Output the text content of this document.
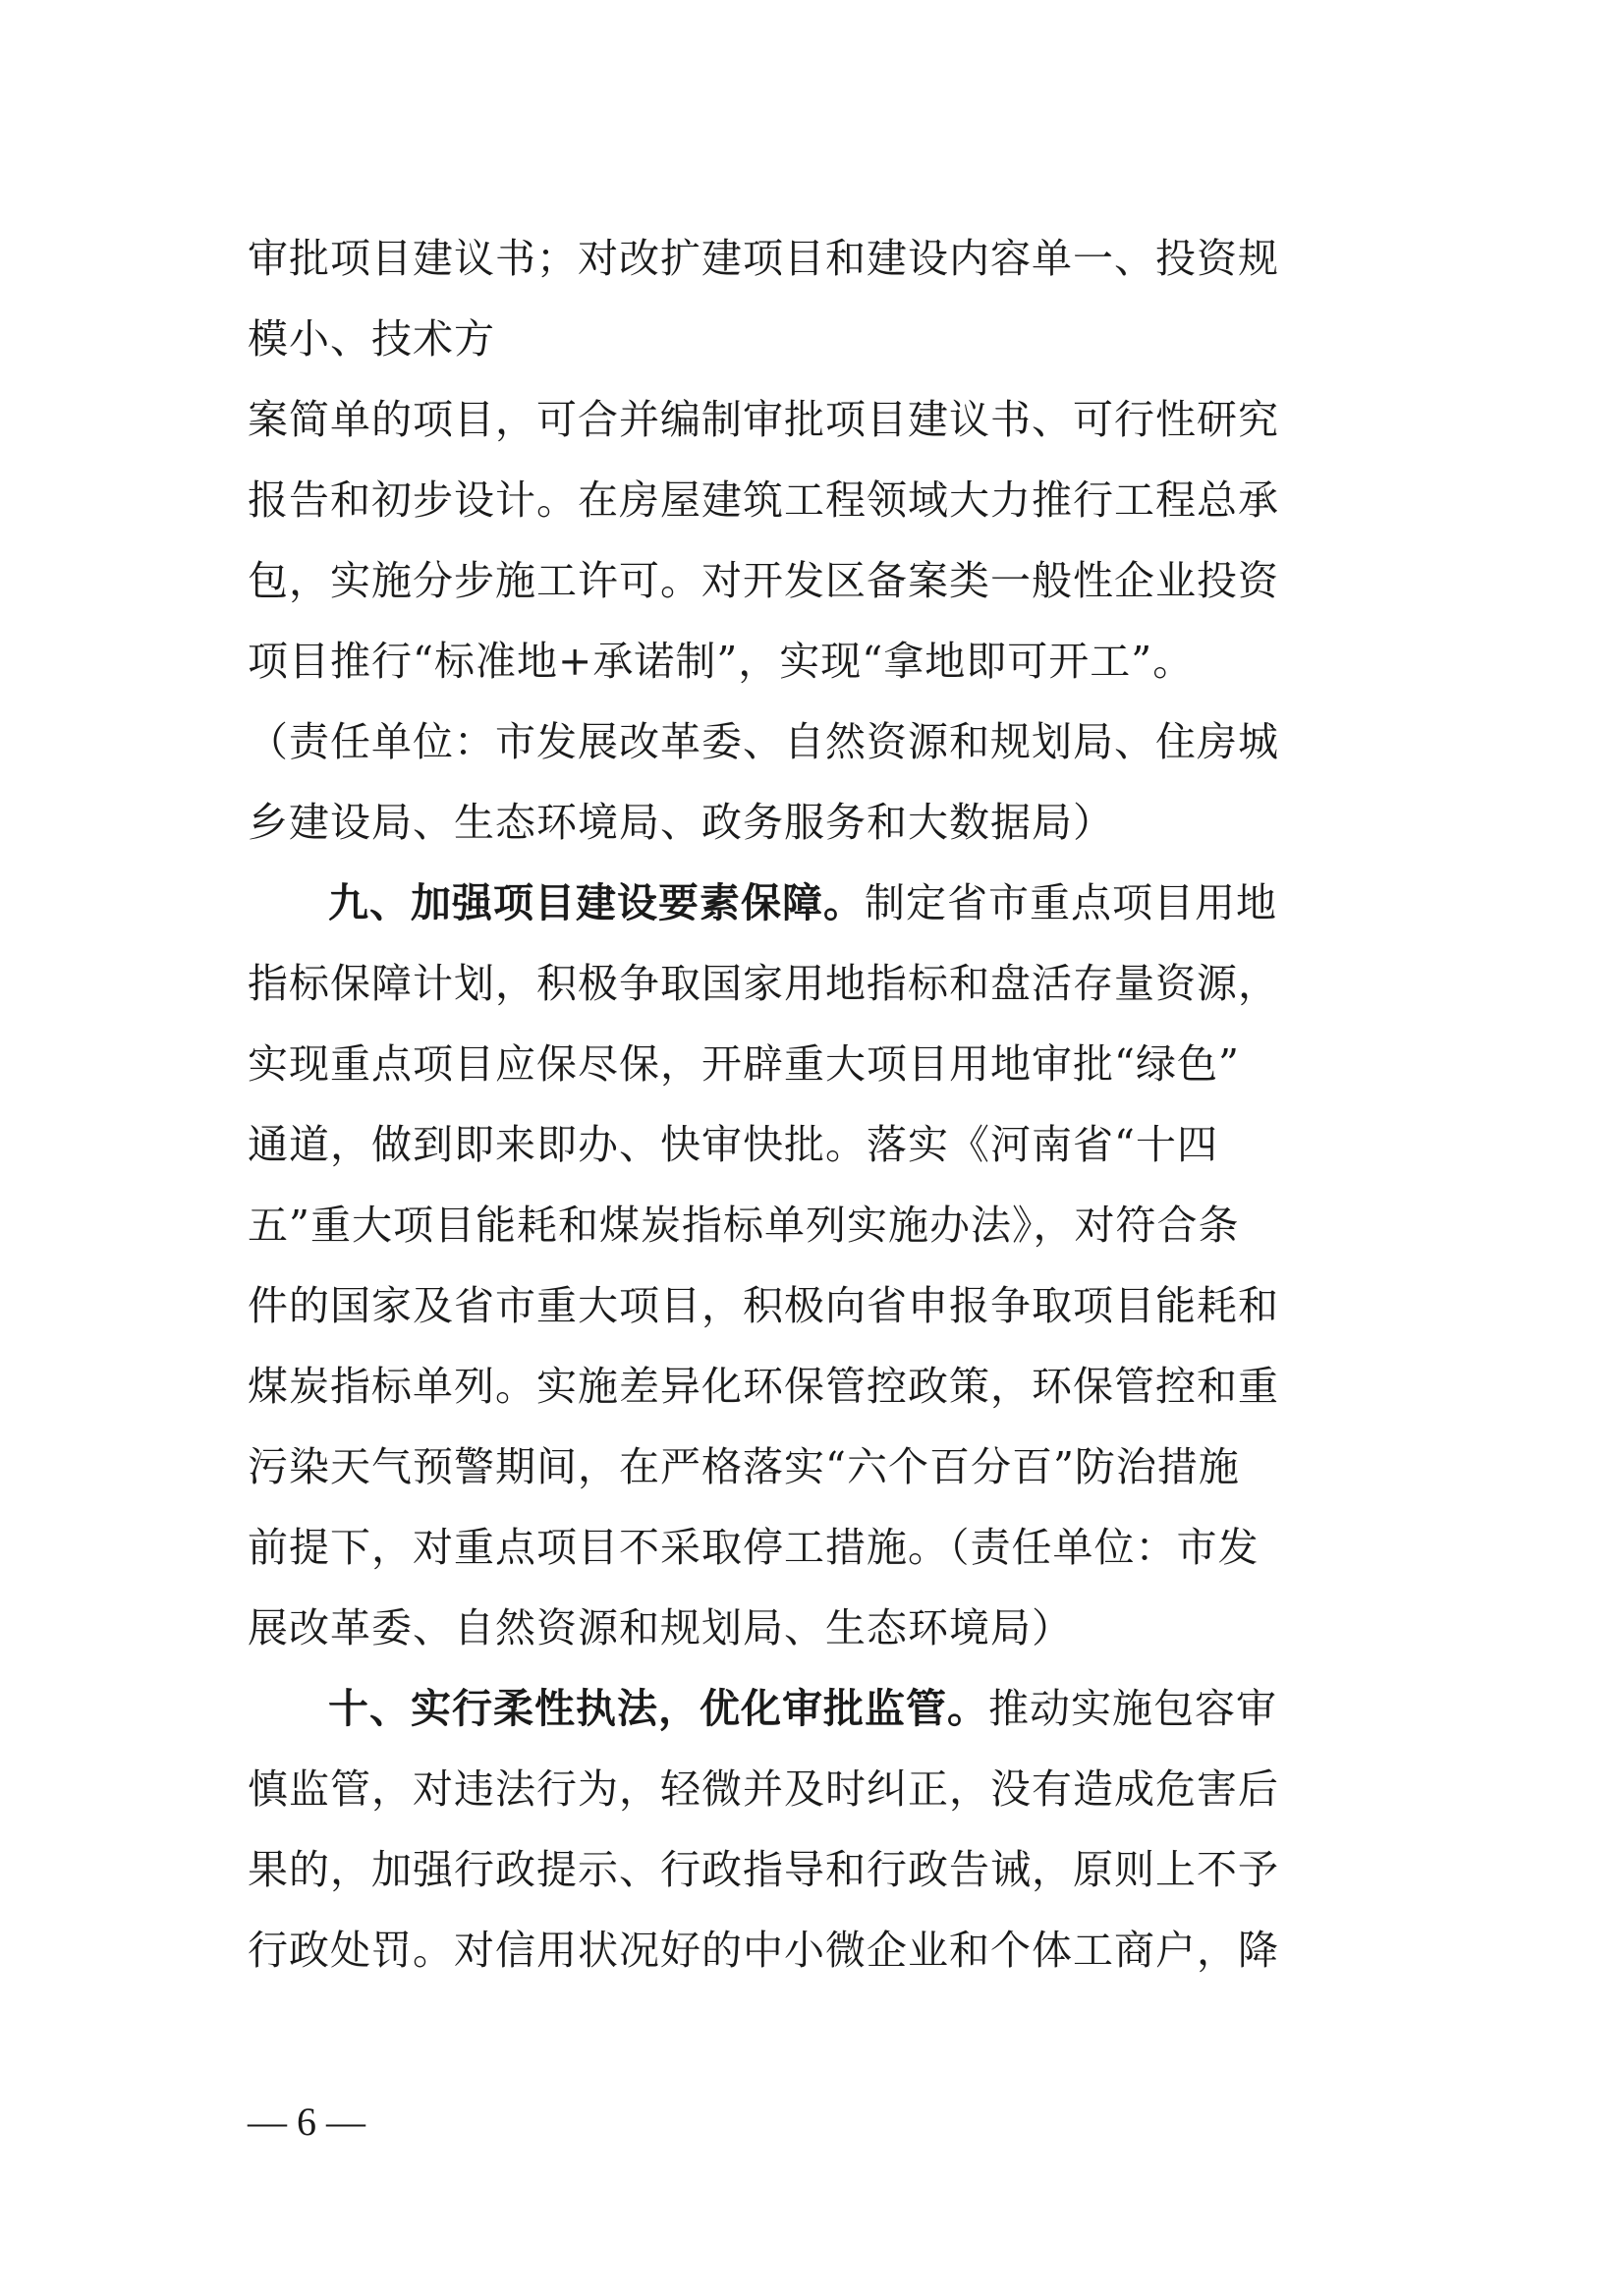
审批项目建议书；对改扩建项目和建设内容单一、投资规
模小、技术方
案简单的项目，可合并编制审批项目建议书、可行性研究
报告和初步设计。在房屋建筑工程领域大力推行工程总承
包，实施分步施工许可。对开发区备案类一般性企业投资
项目推行“标准地+承诺制”，实现“拿地即可开工”。
（责任单位：市发展改革委、自然资源和规划局、住房城
乡建设局、生态环境局、政务服务和大数据局）
九、加强项目建设要素保障。制定省市重点项目用地
指标保障计划，积极争取国家用地指标和盘活存量资源，
实现重点项目应保尽保，开辟重大项目用地审批“绿色”
通道，做到即来即办、快审快批。落实《河南省“十四
五”重大项目能耗和煤炭指标单列实施办法》，对符合条
件的国家及省市重大项目，积极向省申报争取项目能耗和
煤炭指标单列。实施差异化环保管控政策，环保管控和重
污染天气预警期间，在严格落实“六个百分百”防治措施
前提下，对重点项目不采取停工措施。（责任单位：市发
展改革委、自然资源和规划局、生态环境局）
十、实行柔性执法，优化审批监管。推动实施包容审
慎监管，对违法行为，轻微并及时纠正，没有造成危害后
果的，加强行政提示、行政指导和行政告诫，原则上不予
行政处罚。对信用状况好的中小微企业和个体工商户，降
— 6 —
